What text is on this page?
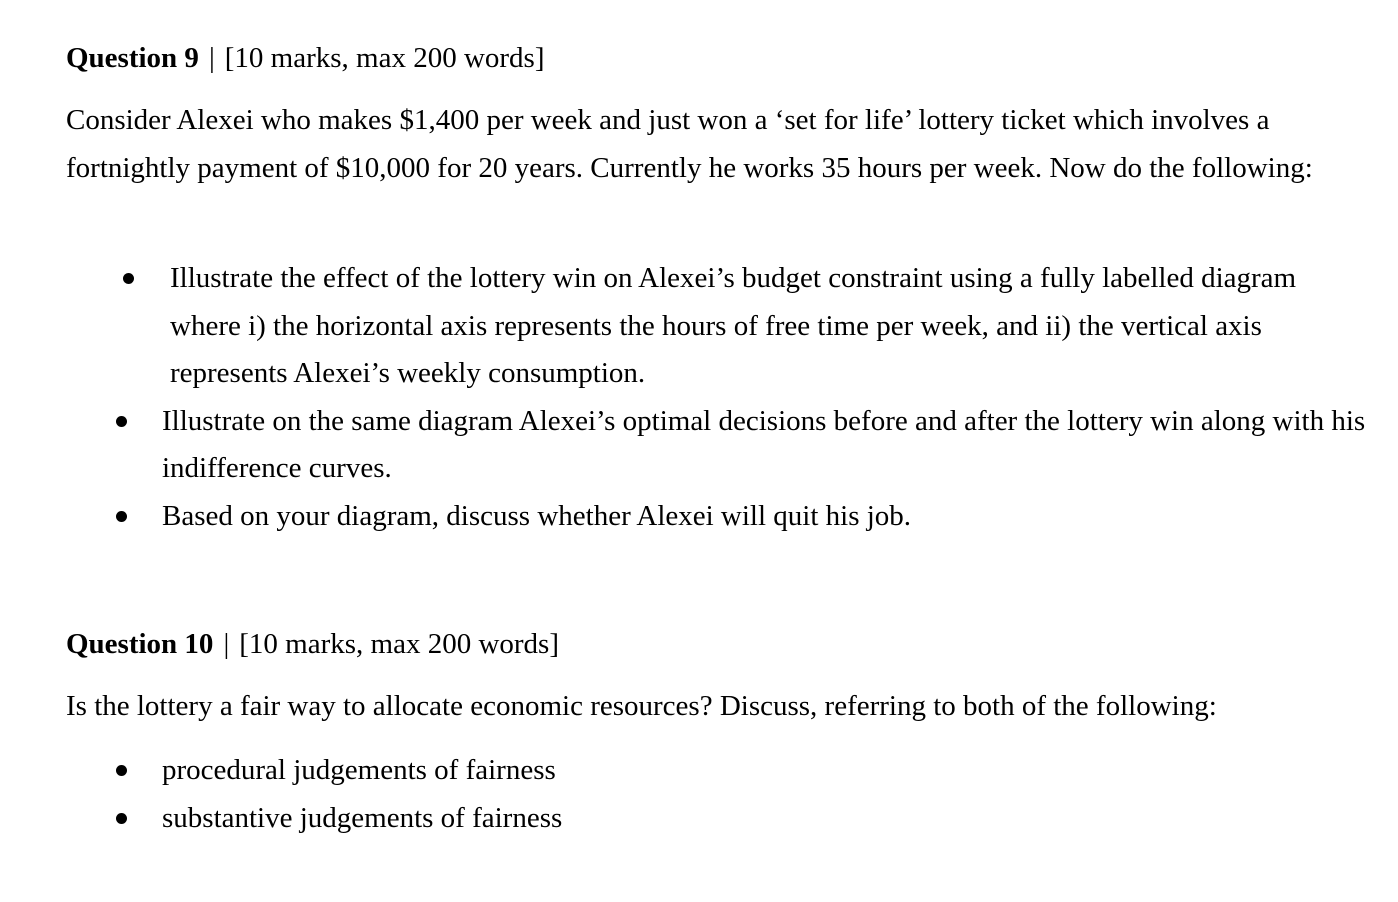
Question 9 | [10 marks, max 200 words]
Consider Alexei who makes $1,400 per week and just won a ‘set for life’ lottery ticket which involves a fortnightly payment of $10,000 for 20 years. Currently he works 35 hours per week. Now do the following:
Illustrate the effect of the lottery win on Alexei’s budget constraint using a fully labelled diagram where i) the horizontal axis represents the hours of free time per week, and ii) the vertical axis represents Alexei’s weekly consumption.
Illustrate on the same diagram Alexei’s optimal decisions before and after the lottery win along with his indifference curves.
Based on your diagram, discuss whether Alexei will quit his job.
Question 10 | [10 marks, max 200 words]
Is the lottery a fair way to allocate economic resources? Discuss, referring to both of the following:
procedural judgements of fairness
substantive judgements of fairness
